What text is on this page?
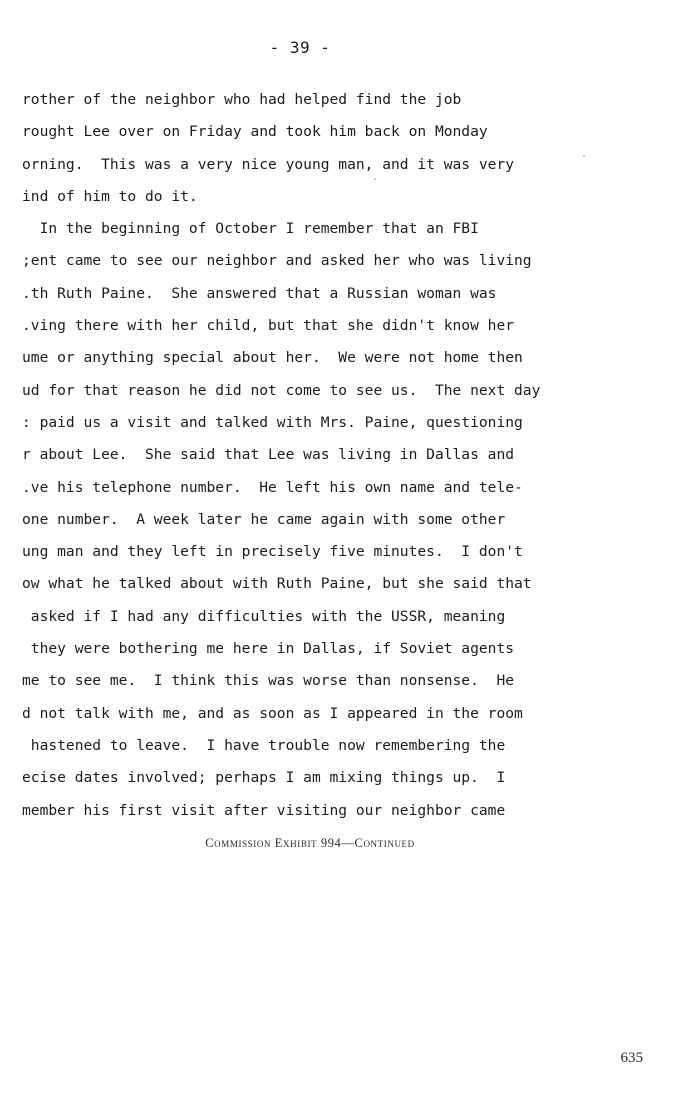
- 39 -
rother of the neighbor who had helped find the job
rought Lee over on Friday and took him back on Monday
orning.  This was a very nice young man, and it was very
ind of him to do it.
In the beginning of October I remember that an FBI
;ent came to see our neighbor and asked her who was living
.th Ruth Paine.  She answered that a Russian woman was
.ving there with her child, but that she didn't know her
ume or anything special about her.  We were not home then
ud for that reason he did not come to see us.  The next day
: paid us a visit and talked with Mrs. Paine, questioning
r about Lee.  She said that Lee was living in Dallas and
.ve his telephone number.  He left his own name and tele-
one number.  A week later he came again with some other
ung man and they left in precisely five minutes.  I don't
ow what he talked about with Ruth Paine, but she said that
asked if I had any difficulties with the USSR, meaning
they were bothering me here in Dallas, if Soviet agents
me to see me.  I think this was worse than nonsense.  He
d not talk with me, and as soon as I appeared in the room
hastened to leave.  I have trouble now remembering the
ecise dates involved; perhaps I am mixing things up.  I
member his first visit after visiting our neighbor came
Commission Exhibit 994—Continued
635
